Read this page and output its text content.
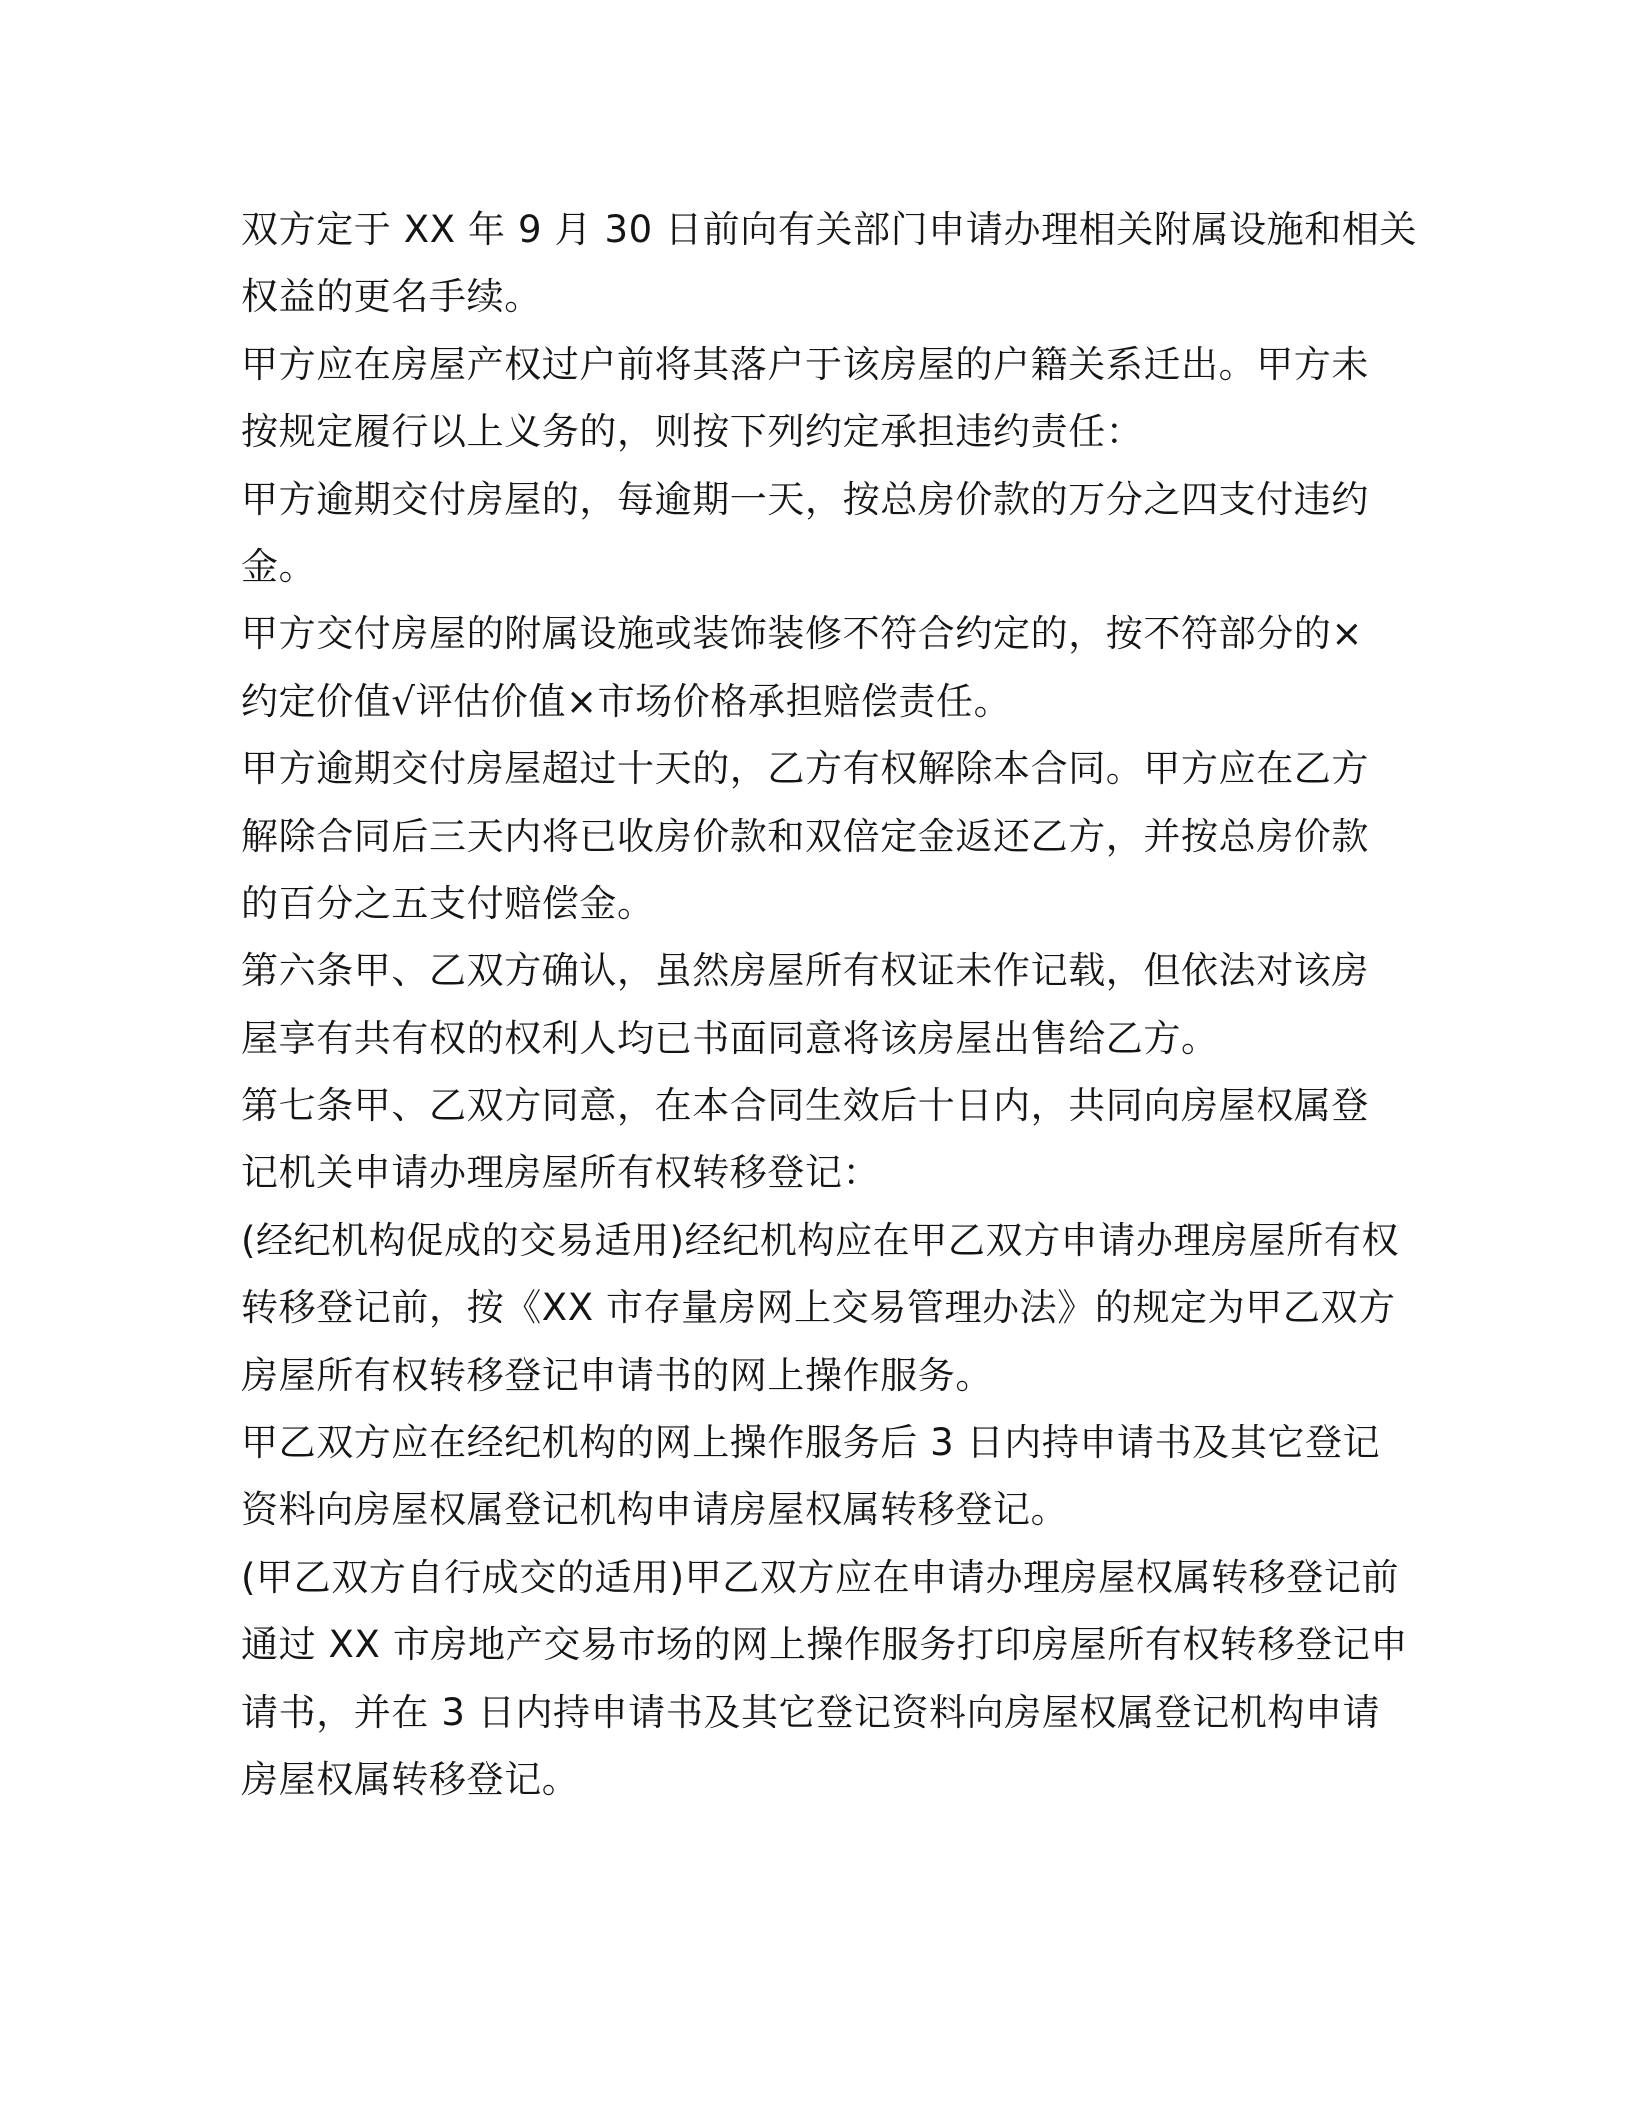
双方定于 XX 年 9 月 30 日前向有关部门申请办理相关附属设施和相关
权益的更名手续。
甲方应在房屋产权过户前将其落户于该房屋的户籍关系迁出。甲方未
按规定履行以上义务的，则按下列约定承担违约责任：
甲方逾期交付房屋的，每逾期一天，按总房价款的万分之四支付违约
金。
甲方交付房屋的附属设施或装饰装修不符合约定的，按不符部分的×
约定价值√评估价值×市场价格承担赔偿责任。
甲方逾期交付房屋超过十天的，乙方有权解除本合同。甲方应在乙方
解除合同后三天内将已收房价款和双倍定金返还乙方，并按总房价款
的百分之五支付赔偿金。
第六条甲、乙双方确认，虽然房屋所有权证未作记载，但依法对该房
屋享有共有权的权利人均已书面同意将该房屋出售给乙方。
第七条甲、乙双方同意，在本合同生效后十日内，共同向房屋权属登
记机关申请办理房屋所有权转移登记：
(经纪机构促成的交易适用)经纪机构应在甲乙双方申请办理房屋所有权
转移登记前，按《XX 市存量房网上交易管理办法》的规定为甲乙双方
房屋所有权转移登记申请书的网上操作服务。
甲乙双方应在经纪机构的网上操作服务后 3 日内持申请书及其它登记
资料向房屋权属登记机构申请房屋权属转移登记。
(甲乙双方自行成交的适用)甲乙双方应在申请办理房屋权属转移登记前
通过 XX 市房地产交易市场的网上操作服务打印房屋所有权转移登记申
请书，并在 3 日内持申请书及其它登记资料向房屋权属登记机构申请
房屋权属转移登记。
